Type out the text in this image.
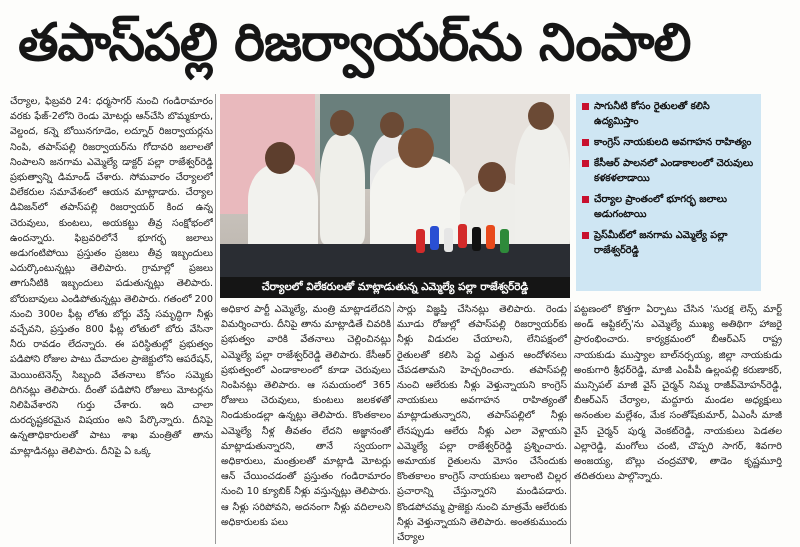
తపాస్‌పల్లి రిజర్వాయర్‌ను నింపాలి

చేర్యాల, ఫిబ్రవరి 24: ధర్మసాగర్ నుంచి గండిరామారం వరకు ఫేజ్-2లోని రెండు మోటర్లు ఆన్‌చేసి బొమ్మకూరు, వెల్డంద, కన్నె బోయినగూడెం, లద్నూర్ రిజర్వాయర్లను నింపి, తపాస్‌పల్లి రిజర్వాయర్‌ను గోదావరి జలాలతో నింపాలని జనగామ ఎమ్మెల్యే డాక్టర్ పల్లా రాజేశ్వర్‌రెడ్డి ప్రభుత్వాన్ని డిమాండ్ చేశారు. సోమవారం చేర్యాలలో విలేకరుల సమావేశంలో ఆయన మాట్లాడారు. చేర్యాల డివిజన్‌లో తపాస్‌పల్లి రిజర్వాయర్ కింద ఉన్న చెరువులు, కుంటలు, అయకట్టు తీవ్ర సంక్షోభంలో ఉందన్నారు. ఫిబ్రవరిలోనే భూగర్భ జలాలు అడుగంటిపోయి ప్రస్తుతం ప్రజలు తీవ్ర ఇబ్బందులు ఎదుర్కొంటున్నట్లు తెలిపారు. గ్రామాల్లో ప్రజలు తాగునీటికి ఇబ్బందులు పడుతున్నట్లు తెలిపారు. బోరుబావులు ఎండిపోతున్నట్లు తెలిపారు. గతంలో 200 నుంచి 300ల ఫీట్ల లోతు బోర్లు వేస్తే సమృద్ధిగా నీళ్లు వచ్చేవని, ప్రస్తుతం 800 ఫీట్ల లోతులో బోరు వేసినా నీరు రావడం లేదన్నారు. ఈ పరిస్థితుల్లో ప్రభుత్వం పడిపోని రోజుల పాటు దేవాదుల ప్రాజెక్టులోని ఆపరేషన్, మెయింటెనెన్స్ సిబ్బంది వేతనాలు కోసం సమ్మెకు దిగినట్లు తెలిపారు. దీంతో పడిపోని రోజులు మోటర్లను నిలిపివేశారని గుర్తు చేశారు. ఇది చాలా దురదృష్టకరమైన విషయం అని పేర్కొన్నారు. దీనిపై ఉన్నతాధికారులతో పాటు శాఖ మంత్రితో తాను మాట్లాడినట్లు తెలిపారు. దీనిపై ఏ ఒక్క

చేర్యాలలో విలేకరులతో మాట్లాడుతున్న ఎమ్మెల్యే పల్లా రాజేశ్వర్‌రెడ్డి
సాగునీటి కోసం రైతులతో కలిసి ఉద్యమిస్తాం
కాంగ్రెస్ నాయకులది అవగాహన రాహిత్యం
కేసీఆర్ పాలనలో ఎండాకాలంలో చెరువులు కళకళలాడాయి
చేర్యాల ప్రాంతంలో భూగర్భ జలాలు అడుగంటాయి
ప్రెస్‌మీట్‌లో జనగామ ఎమ్మెల్యే పల్లా రాజేశ్వర్‌రెడ్డి

అధికార పార్టీ ఎమ్మెల్యే, మంత్రి మాట్లాడలేదని విమర్శించారు. దీనిపై తాను మాట్లాడితే చివరికి ప్రభుత్వం వారికి వేతనాలు చెల్లించినట్లు ఎమ్మెల్యే పల్లా రాజేశ్వర్‌రెడ్డి తెలిపారు. కేసీఆర్ ప్రభుత్వంలో ఎండాకాలంలో కూడా చెరువులు నింపినట్లు తెలిపారు. ఆ సమయంలో 365 రోజులు చెరువులు, కుంటలు జలకళతో నిండుకుండల్లా ఉన్నట్లు తెలిపారు. కొంతకాలం ఎమ్మెల్యే నీళ్ల తీవతం లేదని అజ్ఞానంతో మాట్లాడుతున్నారని, తానే స్వయంగా అధికారులు, మంత్రులతో మాట్లాడి మోటర్లు ఆన్ చేయించడంతో ప్రస్తుతం గండిరామారం నుంచి 10 క్యూబిక్ నీళ్లు వస్తున్నట్లు తెలిపారు. ఆ నీళ్లు సరిపోవని, అదనంగా నీళ్లు వదిలాలని అధికారులకు పలు

సార్లు విజ్ఞప్తి చేసినట్లు తెలిపారు. రెండు మూడు రోజుల్లో తపాస్‌పల్లి రిజర్వాయర్‌కు నీళ్లు విడుదల చేయాలని, లేనిపక్షంలో రైతులతో కలిసి పెద్ద ఎత్తున ఆందోళనలు చేపడతామని హెచ్చరించారు. తపాస్‌పల్లి నుంచి ఆలేరుకు నీళ్లు వెళ్తున్నాయని కాంగ్రెస్ నాయకులు అవగాహన రాహిత్యంతో మాట్లాడుతున్నారని, తపాస్‌పల్లిలో నీళ్లు లేనప్పుడు ఆలేరు నీళ్లు ఎలా వెళ్లాయని ఎమ్మెల్యే పల్లా రాజేశ్వర్‌రెడ్డి ప్రశ్నించారు. అమాయక రైతులను మోసం చేసేందుకు కొంతకాలం కాంగ్రెస్ నాయకులు ఇలాంటి చిల్లర ప్రచారాన్ని చేస్తున్నారని మండిపడారు. కొండపోచమ్మ ప్రాజెక్టు నుంచి మాత్రమే ఆలేరుకు నీళ్లు వెళ్తున్నాయని తెలిపారు. అంతకుముందు చేర్యాల

పట్టణంలో కొత్తగా ఏర్పాటు చేసిన 'సురక్ష లెన్స్ మార్ట్ అండ్ ఆప్టికల్స్'ను ఎమ్మెల్యే ముఖ్య అతిథిగా హాజరై ప్రారంభించారు. కార్యక్రమంలో బీఆర్ఎస్ రాష్ట్ర నాయకుడు ముస్త్యాల బాల్‌నర్సయ్య, జిల్లా నాయకుడు అంకుగారి శ్రీధర్‌రెడ్డి, మాజీ ఎంపీపీ ఉల్లంపల్లి కరుణాకర్, మున్సిపల్ మాజీ వైస్ చైర్మన్ నిమ్మ రాజీవ్‌మోహన్‌రెడ్డి, బీఆర్ఎస్ చేర్యాల, మద్దూరు మండల అధ్యక్షులు అనంతుల మల్లేశం, మేక సంతోష్‌కుమార్, ఏఎంసీ మాజీ వైస్ చైర్మన్ పుర్మ వెంకట్‌రెడ్డి, నాయకులు పెడతల ఎల్లారెడ్డి, మంగోలు చంటి, చొప్పరి సాగర్, శివగారి అంజయ్య, బొల్లు చంద్రమౌళి, తాడెం కృష్ణమూర్తి తదితరులు పాల్గొన్నారు.
